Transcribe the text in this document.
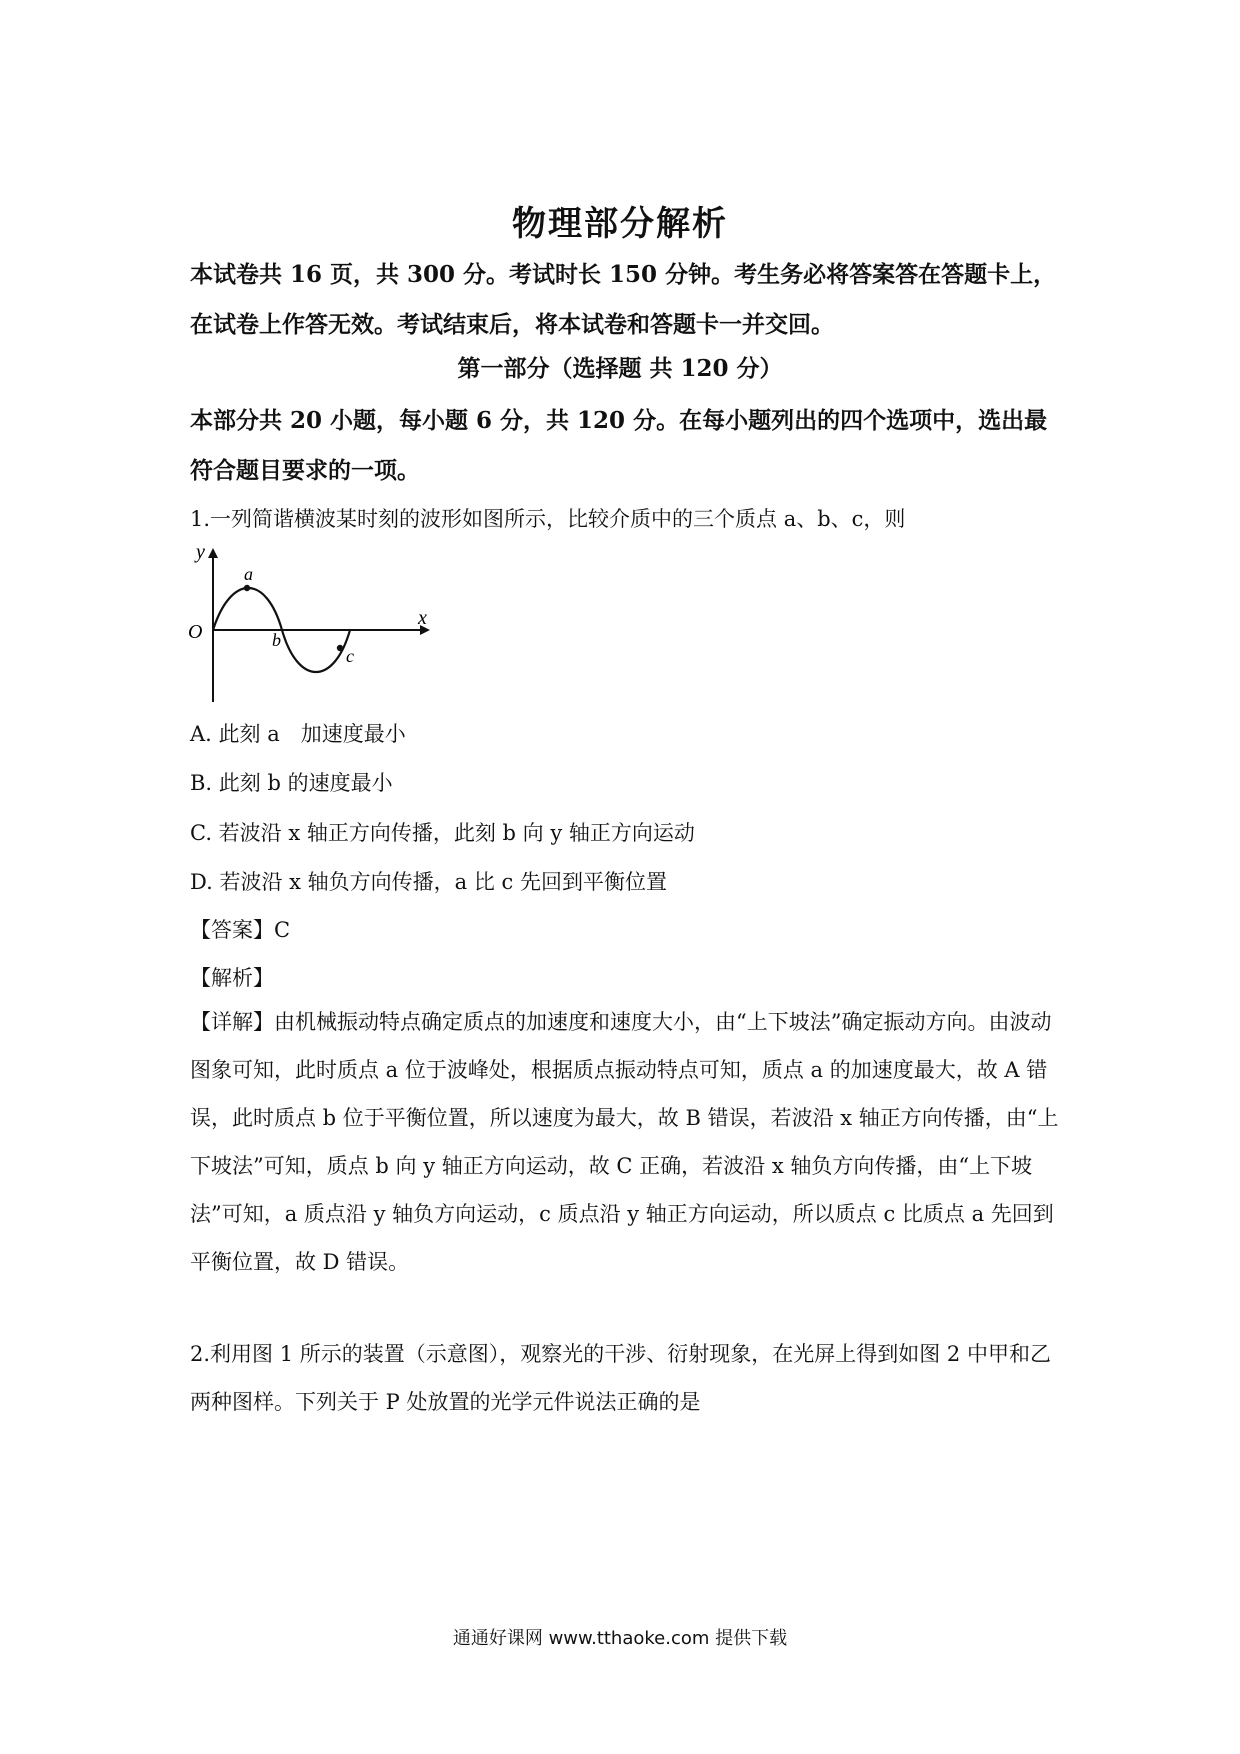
物理部分解析
本试卷共 16 页，共 300 分。考试时长 150 分钟。考生务必将答案答在答题卡上，在试卷上作答无效。考试结束后，将本试卷和答题卡一并交回。
第一部分（选择题 共 120 分）
本部分共 20 小题，每小题 6 分，共 120 分。在每小题列出的四个选项中，选出最符合题目要求的一项。
1.一列简谐横波某时刻的波形如图所示，比较介质中的三个质点 a、b、c，则
y
x
O
a
b
c
A. 此刻 a　加速度最小
B. 此刻 b 的速度最小
C. 若波沿 x 轴正方向传播，此刻 b 向 y 轴正方向运动
D. 若波沿 x 轴负方向传播，a 比 c 先回到平衡位置
【答案】C
【解析】
【详解】由机械振动特点确定质点的加速度和速度大小，由“上下坡法”确定振动方向。由波动图象可知，此时质点 a 位于波峰处，根据质点振动特点可知，质点 a 的加速度最大，故 A 错误，此时质点 b 位于平衡位置，所以速度为最大，故 B 错误，若波沿 x 轴正方向传播，由“上下坡法”可知，质点 b 向 y 轴正方向运动，故 C 正确，若波沿 x 轴负方向传播，由“上下坡法”可知，a 质点沿 y 轴负方向运动，c 质点沿 y 轴正方向运动，所以质点 c 比质点 a 先回到平衡位置，故 D 错误。
2.利用图 1 所示的装置（示意图），观察光的干涉、衍射现象，在光屏上得到如图 2 中甲和乙两种图样。下列关于 P 处放置的光学元件说法正确的是
通通好课网 www.tthaoke.com 提供下载
